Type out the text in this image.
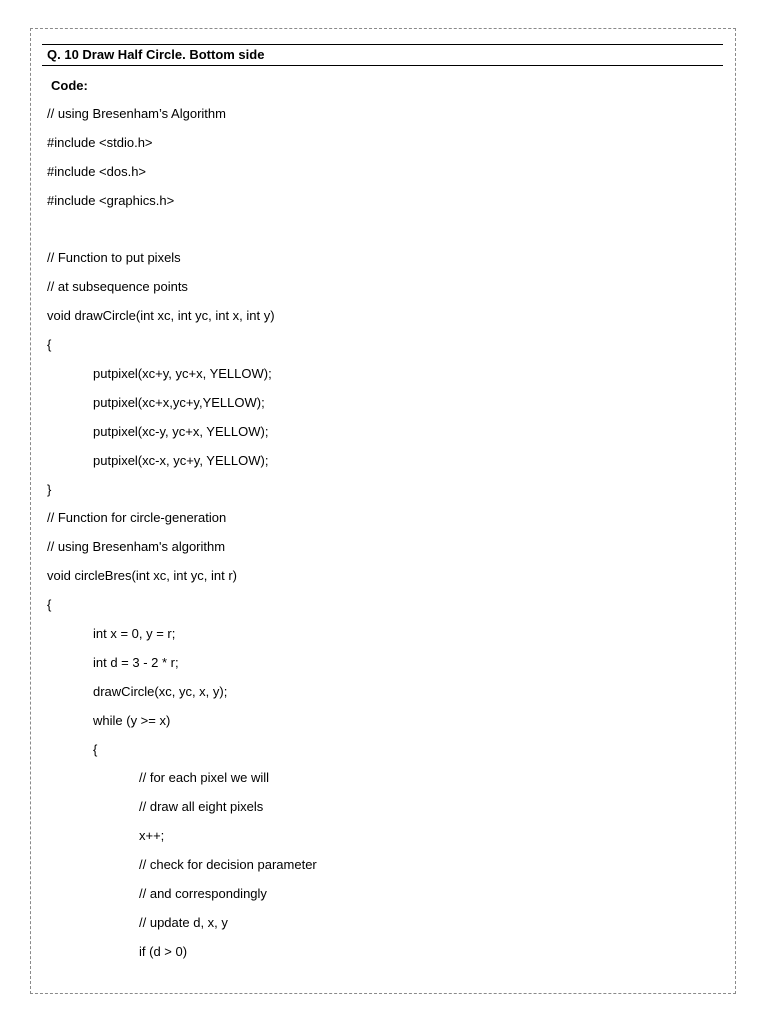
Q. 10 Draw Half Circle. Bottom side
Code:
// using Bresenham’s Algorithm
#include <stdio.h>
#include <dos.h>
#include <graphics.h>
// Function to put pixels
// at subsequence points
void drawCircle(int xc, int yc, int x, int y)
{
putpixel(xc+y, yc+x, YELLOW);
putpixel(xc+x,yc+y,YELLOW);
putpixel(xc-y, yc+x, YELLOW);
putpixel(xc-x, yc+y, YELLOW);
}
// Function for circle-generation
// using Bresenham's algorithm
void circleBres(int xc, int yc, int r)
{
int x = 0, y = r;
int d = 3 - 2 * r;
drawCircle(xc, yc, x, y);
while (y >= x)
{
// for each pixel we will
// draw all eight pixels
x++;
// check for decision parameter
// and correspondingly
// update d, x, y
if (d > 0)
